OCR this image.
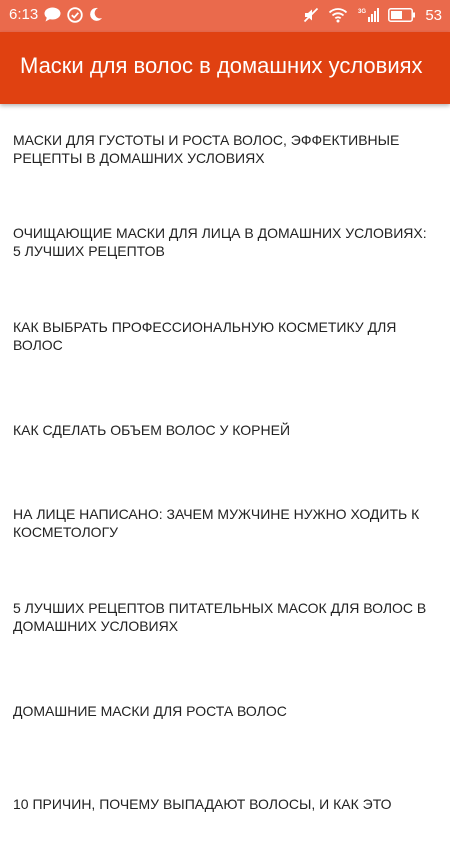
6:13	3G	53
Маски для волос в домашних условиях
МАСКИ ДЛЯ ГУСТОТЫ И РОСТА ВОЛОС, ЭФФЕКТИВНЫЕ РЕЦЕПТЫ В ДОМАШНИХ УСЛОВИЯХ
ОЧИЩАЮЩИЕ МАСКИ ДЛЯ ЛИЦА В ДОМАШНИХ УСЛОВИЯХ: 5 ЛУЧШИХ РЕЦЕПТОВ
КАК ВЫБРАТЬ ПРОФЕССИОНАЛЬНУЮ КОСМЕТИКУ ДЛЯ ВОЛОС
КАК СДЕЛАТЬ ОБЪЕМ ВОЛОС У КОРНЕЙ
НА ЛИЦЕ НАПИСАНО: ЗАЧЕМ МУЖЧИНЕ НУЖНО ХОДИТЬ К КОСМЕТОЛОГУ
5 ЛУЧШИХ РЕЦЕПТОВ ПИТАТЕЛЬНЫХ МАСОК ДЛЯ ВОЛОС В ДОМАШНИХ УСЛОВИЯХ
ДОМАШНИЕ МАСКИ ДЛЯ РОСТА ВОЛОС
10 ПРИЧИН, ПОЧЕМУ ВЫПАДАЮТ ВОЛОСЫ, И КАК ЭТО
